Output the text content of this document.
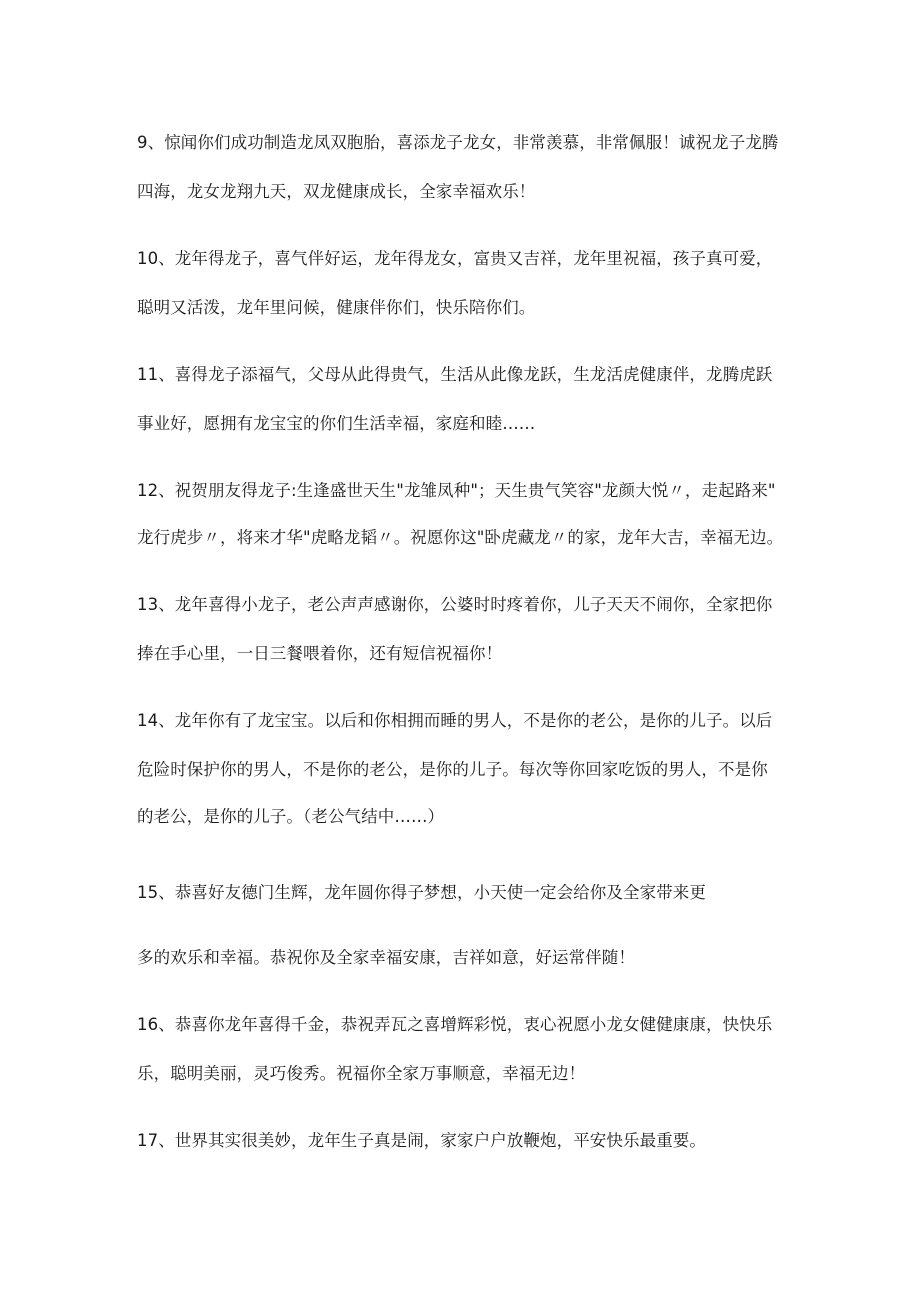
9、惊闻你们成功制造龙凤双胞胎，喜添龙子龙女，非常羡慕，非常佩服！诚祝龙子龙腾
四海，龙女龙翔九天，双龙健康成长，全家幸福欢乐！
10、龙年得龙子，喜气伴好运，龙年得龙女，富贵又吉祥，龙年里祝福，孩子真可爱，
聪明又活泼，龙年里问候，健康伴你们，快乐陪你们。
11、喜得龙子添福气，父母从此得贵气，生活从此像龙跃，生龙活虎健康伴，龙腾虎跃
事业好，愿拥有龙宝宝的你们生活幸福，家庭和睦……
12、祝贺朋友得龙子:生逢盛世天生"龙雏凤种"；天生贵气笑容"龙颜大悦〃，走起路来"
龙行虎步〃，将来才华"虎略龙韬〃。祝愿你这"卧虎藏龙〃的家，龙年大吉，幸福无边。
13、龙年喜得小龙子，老公声声感谢你，公婆时时疼着你，儿子天天不闹你，全家把你
捧在手心里，一日三餐喂着你，还有短信祝福你！
14、龙年你有了龙宝宝。以后和你相拥而睡的男人，不是你的老公，是你的儿子。以后
危险时保护你的男人，不是你的老公，是你的儿子。每次等你回家吃饭的男人，不是你
的老公，是你的儿子。（老公气结中……）
15、恭喜好友德门生辉，龙年圆你得子梦想，小天使一定会给你及全家带来更
多的欢乐和幸福。恭祝你及全家幸福安康，吉祥如意，好运常伴随！
16、恭喜你龙年喜得千金，恭祝弄瓦之喜增辉彩悦，衷心祝愿小龙女健健康康，快快乐
乐，聪明美丽，灵巧俊秀。祝福你全家万事顺意，幸福无边！
17、世界其实很美妙，龙年生子真是闹，家家户户放鞭炮，平安快乐最重要。
